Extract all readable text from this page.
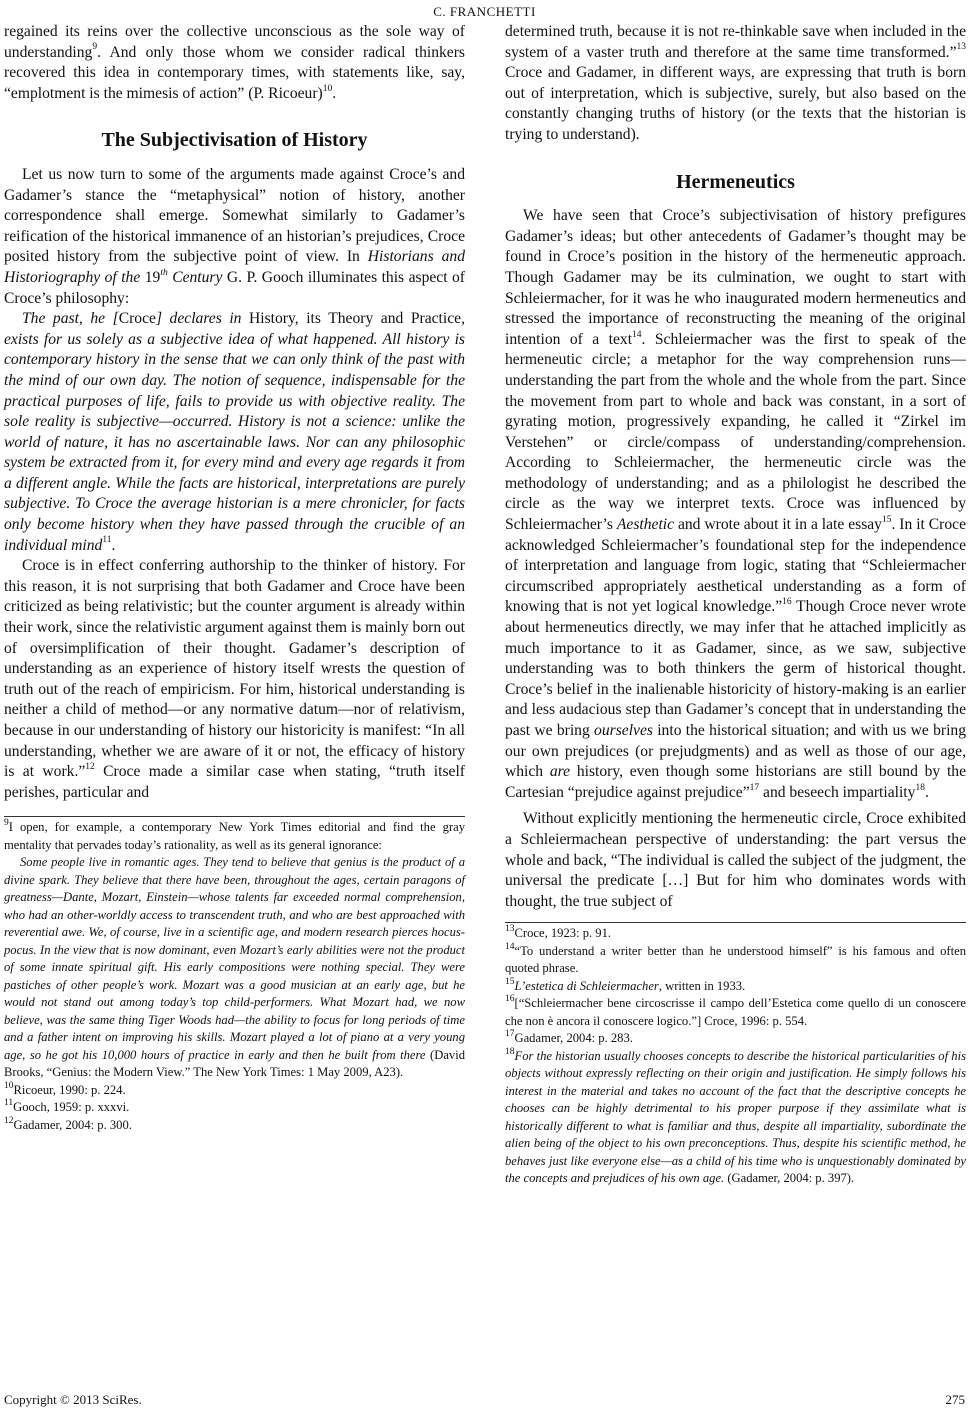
C. FRANCHETTI

regained its reins over the collective unconscious as the sole way of understanding$^9$. And only those whom we consider radical thinkers recovered this idea in contemporary times, with statements like, say, “emplotment is the mimesis of action” (P. Ricoeur)$^{10}$.

The Subjectivisation of History

Let us now turn to some of the arguments made against Croce’s and Gadamer’s stance the “metaphysical” notion of history, another correspondence shall emerge. Somewhat similarly to Gadamer’s reification of the historical immanence of an historian’s prejudices, Croce posited history from the subjective point of view. In Historians and Historiography of the 19th Century G. P. Gooch illuminates this aspect of Croce’s philosophy:

The past, he [Croce] declares in History, its Theory and Practice, exists for us solely as a subjective idea of what happened. All history is contemporary history in the sense that we can only think of the past with the mind of our own day. The notion of sequence, indispensable for the practical purposes of life, fails to provide us with objective reality. The sole reality is subjective—occurred. History is not a science: unlike the world of nature, it has no ascertainable laws. Nor can any philosophic system be extracted from it, for every mind and every age regards it from a different angle. While the facts are historical, interpretations are purely subjective. To Croce the average historian is a mere chronicler, for facts only become history when they have passed through the crucible of an individual mind$^{11}$.

Croce is in effect conferring authorship to the thinker of history. For this reason, it is not surprising that both Gadamer and Croce have been criticized as being relativistic; but the counter argument is already within their work, since the relativistic argument against them is mainly born out of oversimplification of their thought. Gadamer’s description of understanding as an experience of history itself wrests the question of truth out of the reach of empiricism. For him, historical understanding is neither a child of method—or any normative datum—nor of relativism, because in our understanding of history our historicity is manifest: “In all understanding, whether we are aware of it or not, the efficacy of history is at work.”$^{12}$ Croce made a similar case when stating, “truth itself perishes, particular and

$^9$I open, for example, a contemporary New York Times editorial and find the gray mentality that pervades today’s rationality, as well as its general ignorance:

Some people live in romantic ages. They tend to believe that genius is the product of a divine spark. They believe that there have been, throughout the ages, certain paragons of greatness—Dante, Mozart, Einstein—whose talents far exceeded normal comprehension, who had an other-worldly access to transcendent truth, and who are best approached with reverential awe. We, of course, live in a scientific age, and modern research pierces hocus-pocus. In the view that is now dominant, even Mozart’s early abilities were not the product of some innate spiritual gift. His early compositions were nothing special. They were pastiches of other people’s work. Mozart was a good musician at an early age, but he would not stand out among today’s top child-performers. What Mozart had, we now believe, was the same thing Tiger Woods had—the ability to focus for long periods of time and a father intent on improving his skills. Mozart played a lot of piano at a very young age, so he got his 10,000 hours of practice in early and then he built from there (David Brooks, “Genius: the Modern View.” The New York Times: 1 May 2009, A23).

$^{10}$Ricoeur, 1990: p. 224.

$^{11}$Gooch, 1959: p. xxxvi.

$^{12}$Gadamer, 2004: p. 300.

determined truth, because it is not re-thinkable save when included in the system of a vaster truth and therefore at the same time transformed.”$^{13}$ Croce and Gadamer, in different ways, are expressing that truth is born out of interpretation, which is subjective, surely, but also based on the constantly changing truths of history (or the texts that the historian is trying to understand).

Hermeneutics

We have seen that Croce’s subjectivisation of history prefigures Gadamer’s ideas; but other antecedents of Gadamer’s thought may be found in Croce’s position in the history of the hermeneutic approach. Though Gadamer may be its culmination, we ought to start with Schleiermacher, for it was he who inaugurated modern hermeneutics and stressed the importance of reconstructing the meaning of the original intention of a text$^{14}$. Schleiermacher was the first to speak of the hermeneutic circle; a metaphor for the way comprehension runs—understanding the part from the whole and the whole from the part. Since the movement from part to whole and back was constant, in a sort of gyrating motion, progressively expanding, he called it “Zirkel im Verstehen” or circle/compass of understanding/comprehension. According to Schleiermacher, the hermeneutic circle was the methodology of understanding; and as a philologist he described the circle as the way we interpret texts. Croce was influenced by Schleiermacher’s Aesthetic and wrote about it in a late essay$^{15}$. In it Croce acknowledged Schleiermacher’s foundational step for the independence of interpretation and language from logic, stating that “Schleiermacher circumscribed appropriately aesthetical understanding as a form of knowing that is not yet logical knowledge.”$^{16}$ Though Croce never wrote about hermeneutics directly, we may infer that he attached implicitly as much importance to it as Gadamer, since, as we saw, subjective understanding was to both thinkers the germ of historical thought. Croce’s belief in the inalienable historicity of history-making is an earlier and less audacious step than Gadamer’s concept that in understanding the past we bring ourselves into the historical situation; and with us we bring our own prejudices (or prejudgments) and as well as those of our age, which are history, even though some historians are still bound by the Cartesian “prejudice against prejudice”$^{17}$ and beseech impartiality$^{18}$.

Without explicitly mentioning the hermeneutic circle, Croce exhibited a Schleiermachean perspective of understanding: the part versus the whole and back, “The individual is called the subject of the judgment, the universal the predicate […] But for him who dominates words with thought, the true subject of

$^{13}$Croce, 1923: p. 91.

$^{14}$“To understand a writer better than he understood himself” is his famous and often quoted phrase.

$^{15}$L’estetica di Schleiermacher, written in 1933.

$^{16}$[“Schleiermacher bene circoscrisse il campo dell’Estetica come quello di un conoscere che non è ancora il conoscere logico.”] Croce, 1996: p. 554.

$^{17}$Gadamer, 2004: p. 283.

$^{18}$For the historian usually chooses concepts to describe the historical particularities of his objects without expressly reflecting on their origin and justification. He simply follows his interest in the material and takes no account of the fact that the descriptive concepts he chooses can be highly detrimental to his proper purpose if they assimilate what is historically different to what is familiar and thus, despite all impartiality, subordinate the alien being of the object to his own preconceptions. Thus, despite his scientific method, he behaves just like everyone else—as a child of his time who is unquestionably dominated by the concepts and prejudices of his own age. (Gadamer, 2004: p. 397).

Copyright © 2013 SciRes.	275
